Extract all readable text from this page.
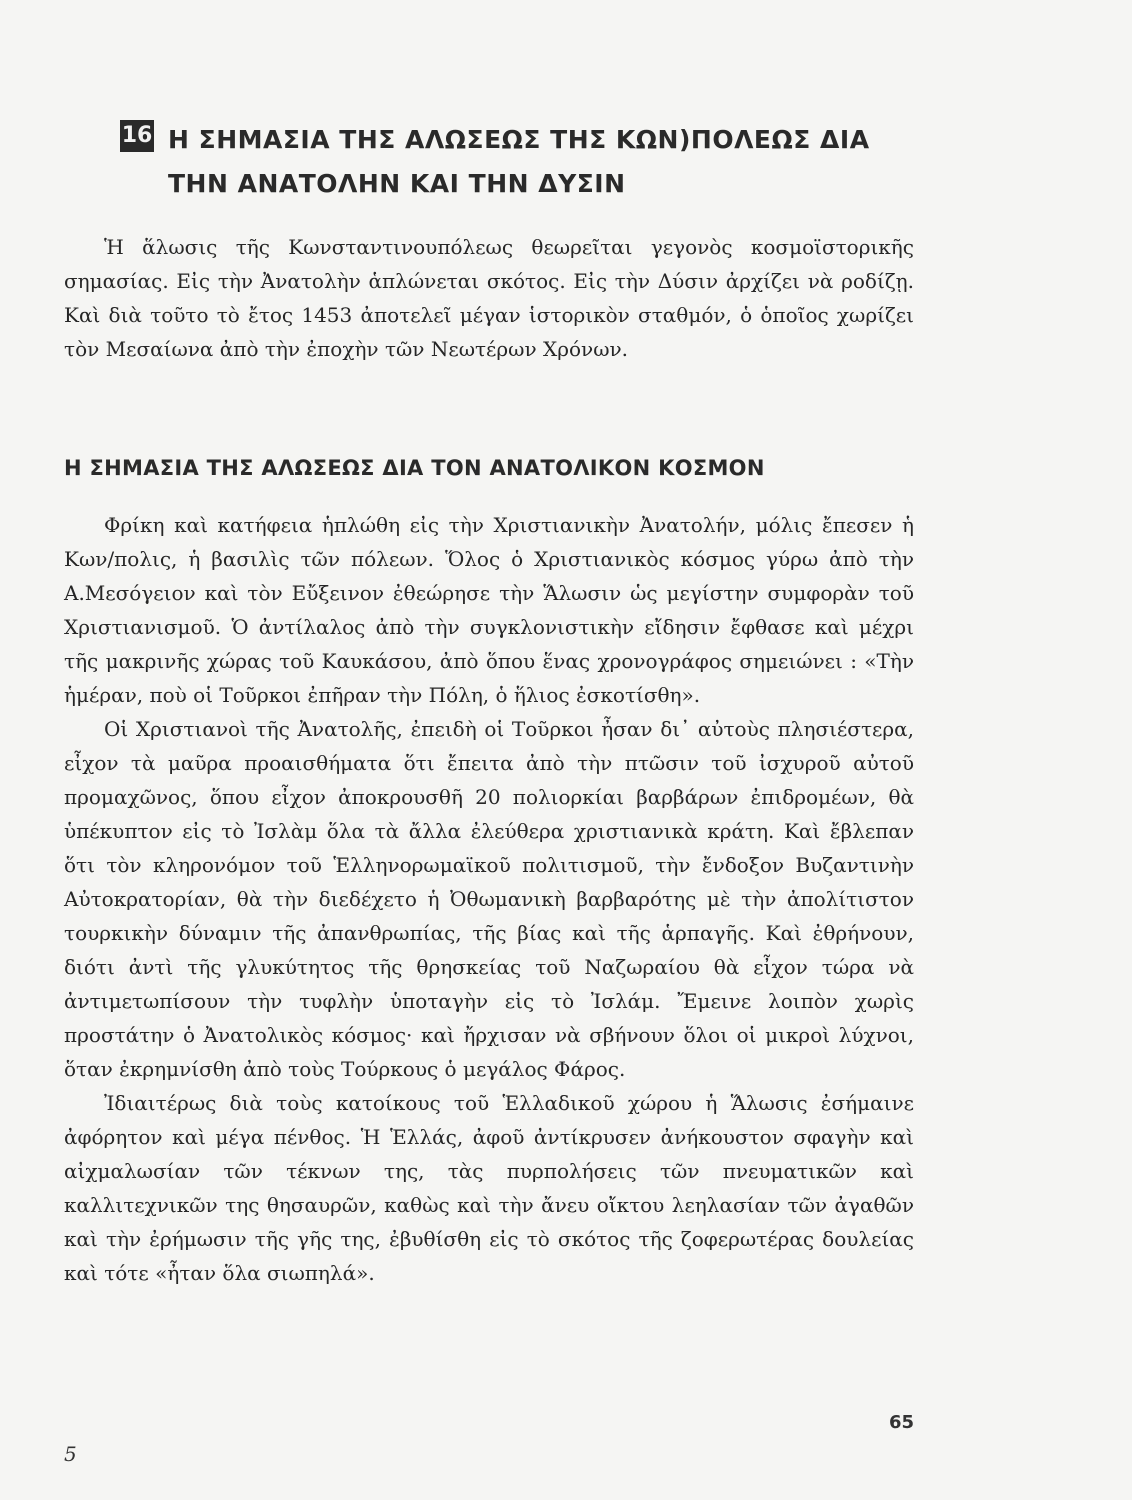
16 Η ΣΗΜΑΣΙΑ ΤΗΣ ΑΛΩΣΕΩΣ ΤΗΣ ΚΩΝ)ΠΟΛΕΩΣ ΔΙΑ
ΤΗΝ ΑΝΑΤΟΛΗΝ ΚΑΙ ΤΗΝ ΔΥΣΙΝ

Ἡ ἅλωσις τῆς Κωνσταντινουπόλεως θεωρεῖται γεγονὸς κοσμοϊστορικῆς σημασίας. Εἰς τὴν Ἀνατολὴν ἁπλώνεται σκότος. Εἰς τὴν Δύσιν ἀρχίζει νὰ ροδίζῃ. Καὶ διὰ τοῦτο τὸ ἔτος 1453 ἀποτελεῖ μέγαν ἱστορικὸν σταθμόν, ὁ ὁποῖος χωρίζει τὸν Μεσαίωνα ἀπὸ τὴν ἐποχὴν τῶν Νεωτέρων Χρόνων.

Η ΣΗΜΑΣΙΑ ΤΗΣ ΑΛΩΣΕΩΣ ΔΙΑ ΤΟΝ ΑΝΑΤΟΛΙΚΟΝ ΚΟΣΜΟΝ

Φρίκη καὶ κατήφεια ἡπλώθη εἰς τὴν Χριστιανικὴν Ἀνατολήν, μόλις ἔπεσεν ἡ Κων/πολις, ἡ βασιλὶς τῶν πόλεων. Ὅλος ὁ Χριστιανικὸς κόσμος γύρω ἀπὸ τὴν Α.Μεσόγειον καὶ τὸν Εὔξεινον ἐθεώρησε τὴν Ἅλωσιν ὡς μεγίστην συμφορὰν τοῦ Χριστιανισμοῦ. Ὁ ἀντίλαλος ἀπὸ τὴν συγκλονιστικὴν εἴδησιν ἔφθασε καὶ μέχρι τῆς μακρινῆς χώρας τοῦ Καυκάσου, ἀπὸ ὅπου ἕνας χρονογράφος σημειώνει : «Τὴν ἡμέραν, ποὺ οἱ Τοῦρκοι ἐπῆραν τὴν Πόλη, ὁ ἥλιος ἐσκοτίσθη».

Οἱ Χριστιανοὶ τῆς Ἀνατολῆς, ἐπειδὴ οἱ Τοῦρκοι ἦσαν δι᾽ αὐτοὺς πλησιέστερα, εἶχον τὰ μαῦρα προαισθήματα ὅτι ἔπειτα ἀπὸ τὴν πτῶσιν τοῦ ἰσχυροῦ αὐτοῦ προμαχῶνος, ὅπου εἶχον ἀποκρουσθῆ 20 πολιορκίαι βαρβάρων ἐπιδρομέων, θὰ ὑπέκυπτον εἰς τὸ Ἰσλὰμ ὅλα τὰ ἄλλα ἐλεύθερα χριστιανικὰ κράτη. Καὶ ἔβλεπαν ὅτι τὸν κληρονόμον τοῦ Ἑλληνορωμαϊκοῦ πολιτισμοῦ, τὴν ἔνδοξον Βυζαντινὴν Αὐτοκρατορίαν, θὰ τὴν διεδέχετο ἡ Ὀθωμανικὴ βαρβαρότης μὲ τὴν ἀπολίτιστον τουρκικὴν δύναμιν τῆς ἀπανθρωπίας, τῆς βίας καὶ τῆς ἁρπαγῆς. Καὶ ἐθρήνουν, διότι ἀντὶ τῆς γλυκύτητος τῆς θρησκείας τοῦ Ναζωραίου θὰ εἶχον τώρα νὰ ἀντιμετωπίσουν τὴν τυφλὴν ὑποταγὴν εἰς τὸ Ἰσλάμ. Ἔμεινε λοιπὸν χωρὶς προστάτην ὁ Ἀνατολικὸς κόσμος· καὶ ἤρχισαν νὰ σβήνουν ὅλοι οἱ μικροὶ λύχνοι, ὅταν ἐκρημνίσθη ἀπὸ τοὺς Τούρκους ὁ μεγάλος Φάρος.

Ἰδιαιτέρως διὰ τοὺς κατοίκους τοῦ Ἑλλαδικοῦ χώρου ἡ Ἅλωσις ἐσήμαινε ἀφόρητον καὶ μέγα πένθος. Ἡ Ἑλλάς, ἀφοῦ ἀντίκρυσεν ἀνήκουστον σφαγὴν καὶ αἰχμαλωσίαν τῶν τέκνων της, τὰς πυρπολήσεις τῶν πνευματικῶν καὶ καλλιτεχνικῶν της θησαυρῶν, καθὼς καὶ τὴν ἄνευ οἴκτου λεηλασίαν τῶν ἀγαθῶν καὶ τὴν ἐρήμωσιν τῆς γῆς της, ἐβυθίσθη εἰς τὸ σκότος τῆς ζοφερωτέρας δουλείας καὶ τότε «ἦταν ὅλα σιωπηλά».

65
5
